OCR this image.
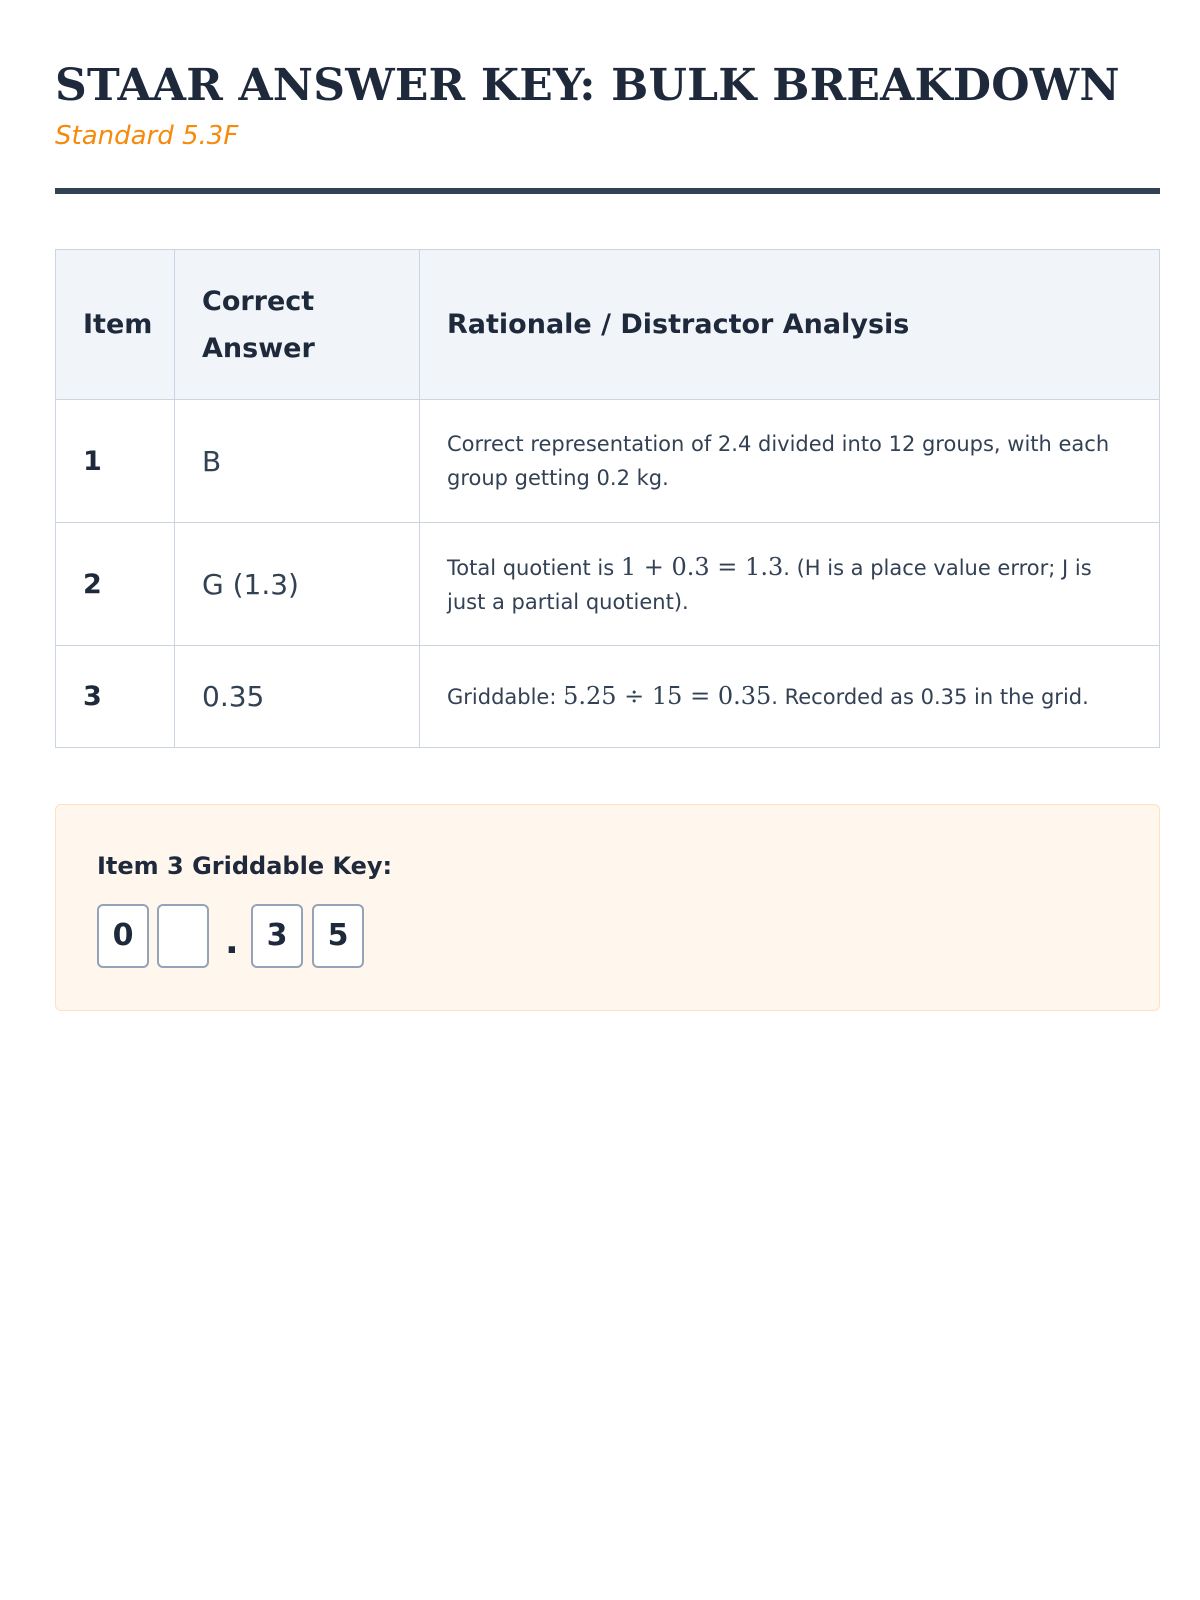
STAAR ANSWER KEY: BULK BREAKDOWN
Standard 5.3F
Item	Correct Answer	Rationale / Distractor Analysis
1	B	Correct representation of 2.4 divided into 12 groups, with each group getting 0.2 kg.
2	G (1.3)	Total quotient is 1 + 0.3 = 1.3. (H is a place value error; J is just a partial quotient).
3	0.35	Griddable: 5.25 ÷ 15 = 0.35. Recorded as 0.35 in the grid.
Item 3 Griddable Key:
0	. 3	5
